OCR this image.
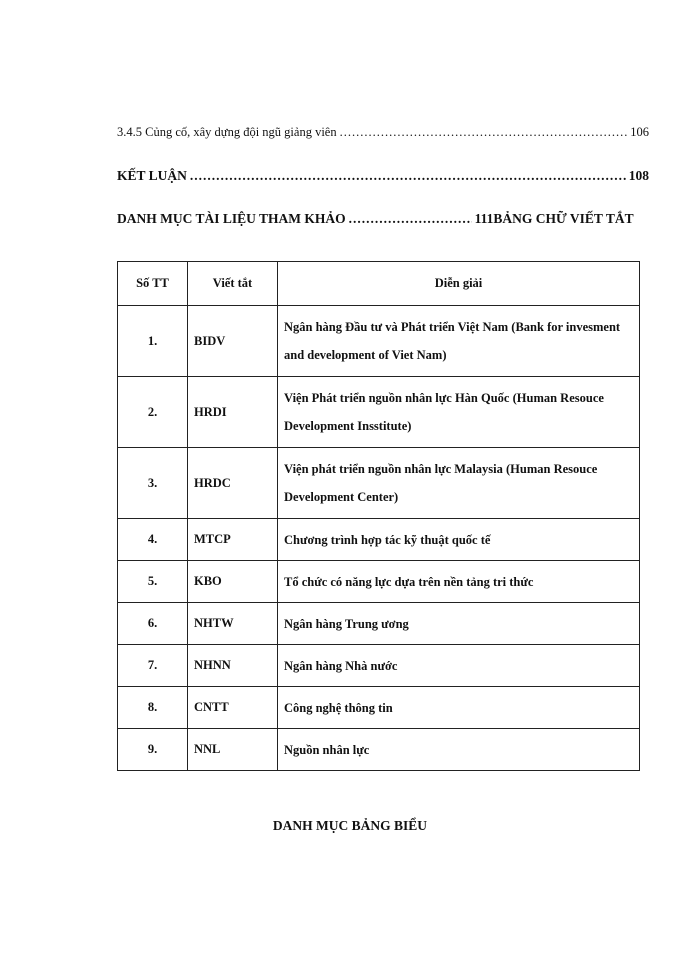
3.4.5 Củng cố, xây dựng đội ngũ giảng viên .....	106
KẾT LUẬN .....	108
DANH MỤC TÀI LIỆU THAM KHẢO .....	111 BẢNG CHỮ VIẾT TẮT
Số TT	Viết tắt	Diễn giải
1.	BIDV	Ngân hàng Đầu tư và Phát triển Việt Nam (Bank for invesment and development of Viet Nam)
2.	HRDI	Viện Phát triển nguồn nhân lực Hàn Quốc (Human Resouce Development Insstitute)
3.	HRDC	Viện phát triển nguồn nhân lực Malaysia (Human Resouce Development Center)
4.	MTCP	Chương trình hợp tác kỹ thuật quốc tế
5.	KBO	Tổ chức có năng lực dựa trên nền tảng tri thức
6.	NHTW	Ngân hàng Trung ương
7.	NHNN	Ngân hàng Nhà nước
8.	CNTT	Công nghệ thông tin
9.	NNL	Nguồn nhân lực
DANH MỤC BẢNG BIỂU
